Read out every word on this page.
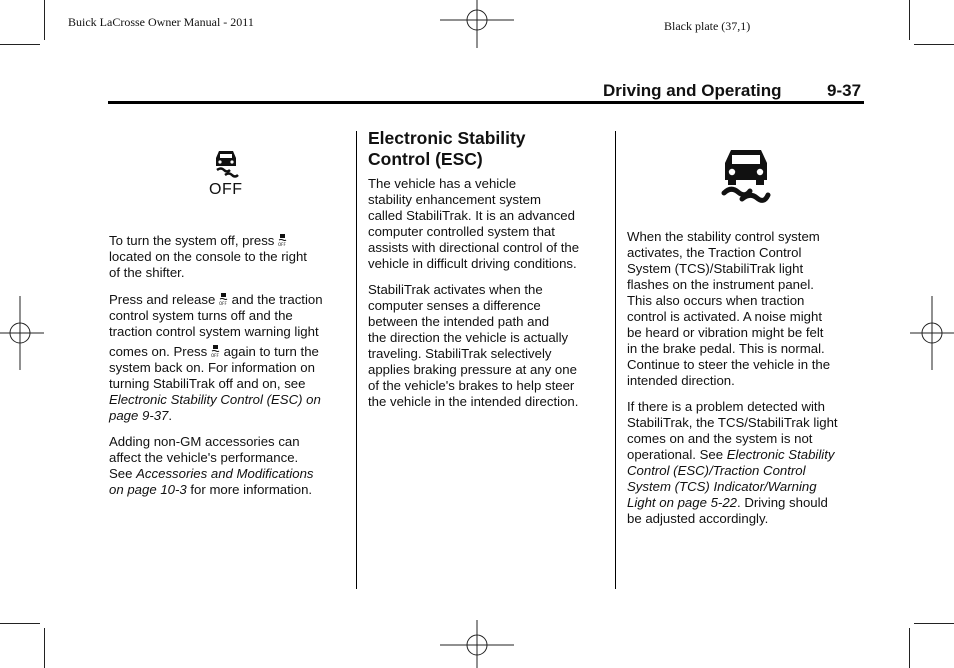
Buick LaCrosse Owner Manual - 2011	Black plate (37,1)
Driving and Operating	9-37
OFF

To turn the system off, press OFF
located on the console to the right
of the shifter.

Press and release OFF and the traction
control system turns off and the
traction control system warning light
comes on. Press OFF again to turn the
system back on. For information on
turning StabiliTrak off and on, see
Electronic Stability Control (ESC) on
page 9-37.

Adding non-GM accessories can
affect the vehicle's performance.
See Accessories and Modifications
on page 10-3 for more information.

Electronic Stability
Control (ESC)

The vehicle has a vehicle
stability enhancement system
called StabiliTrak. It is an advanced
computer controlled system that
assists with directional control of the
vehicle in difficult driving conditions.

StabiliTrak activates when the
computer senses a difference
between the intended path and
the direction the vehicle is actually
traveling. StabiliTrak selectively
applies braking pressure at any one
of the vehicle's brakes to help steer
the vehicle in the intended direction.

When the stability control system
activates, the Traction Control
System (TCS)/StabiliTrak light
flashes on the instrument panel.
This also occurs when traction
control is activated. A noise might
be heard or vibration might be felt
in the brake pedal. This is normal.
Continue to steer the vehicle in the
intended direction.

If there is a problem detected with
StabiliTrak, the TCS/StabiliTrak light
comes on and the system is not
operational. See Electronic Stability
Control (ESC)/Traction Control
System (TCS) Indicator/Warning
Light on page 5-22. Driving should
be adjusted accordingly.
